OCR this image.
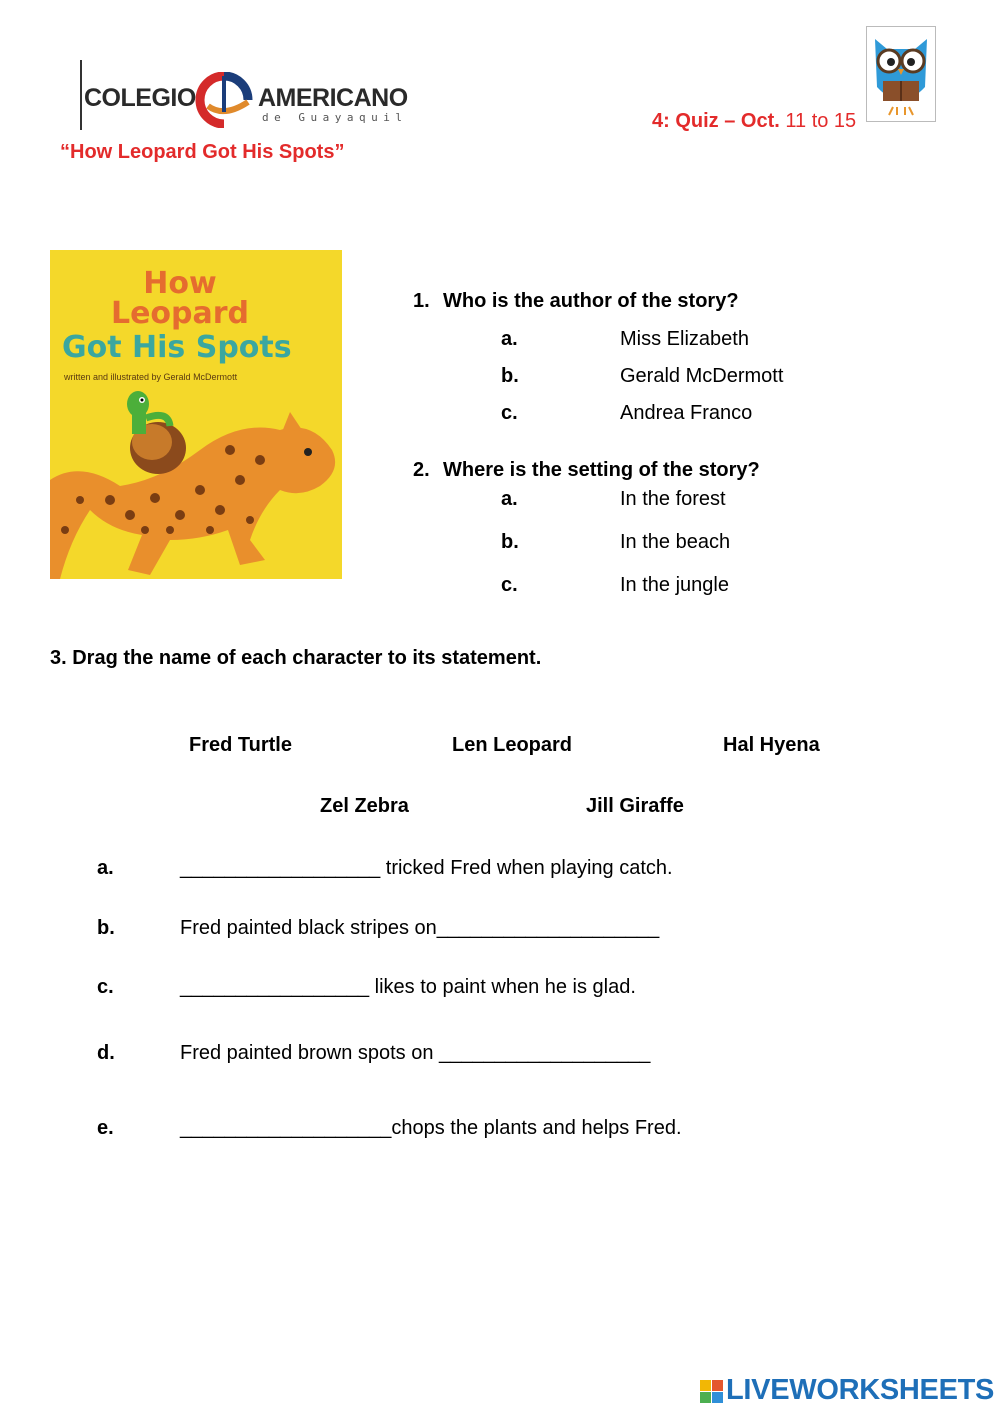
COLEGIO AMERICANO
de Guayaquil	4: Quiz – Oct. 11 to 15
“How Leopard Got His Spots”
How
Leopard
Got His Spots
written and illustrated by Gerald McDermott
1. Who is the author of the story?
a.	Miss Elizabeth
b.	Gerald McDermott
c.	Andrea Franco
2. Where is the setting of the story?
a.	In the forest
b.	In the beach
c.	In the jungle
3. Drag the name of each character to its statement.
Fred Turtle	Len Leopard	Hal Hyena
Zel Zebra	Jill Giraffe
a.	__________________ tricked Fred when playing catch.
b.	Fred painted black stripes on____________________
c.	_________________ likes to paint when he is glad.
d.	Fred painted brown spots on ___________________
e.	___________________chops the plants and helps Fred.
LIVEWORKSHEETS
